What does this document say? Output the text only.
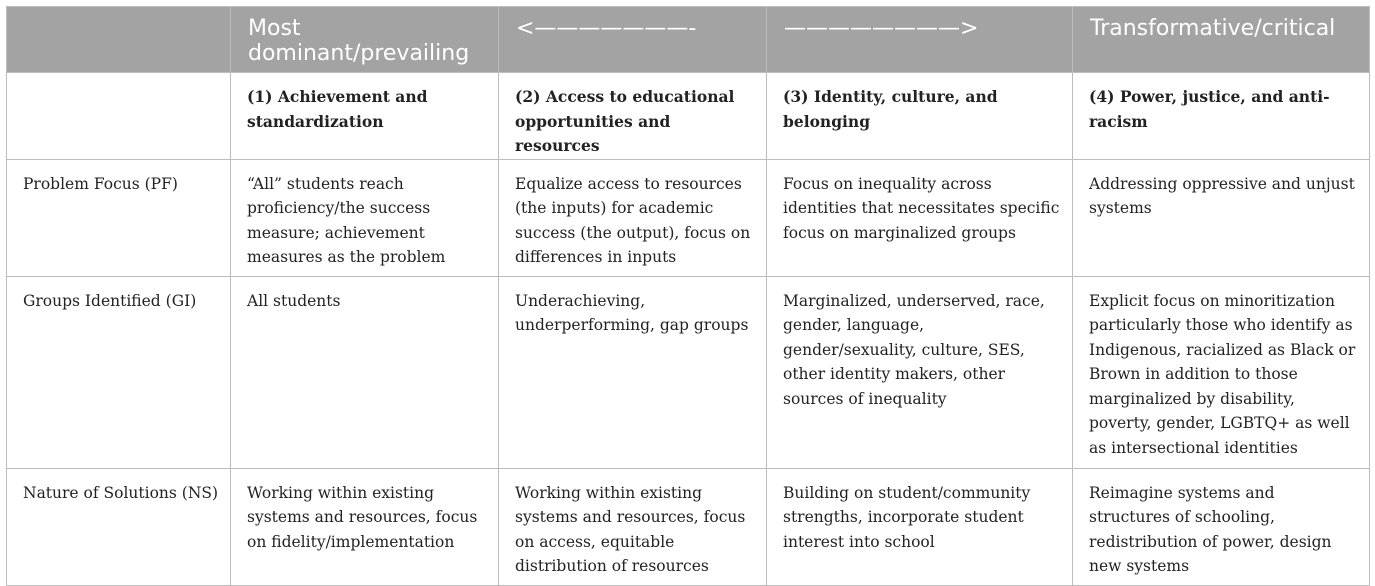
	Most dominant/prevailing	<———————-	————————>	Transformative/critical
	(1) Achievement and standardization	(2) Access to educational opportunities and resources	(3) Identity, culture, and belonging	(4) Power, justice, and anti-racism
Problem Focus (PF)	“All” students reach proficiency/the success measure; achievement measures as the problem	Equalize access to resources (the inputs) for academic success (the output), focus on differences in inputs	Focus on inequality across identities that necessitates specific focus on marginalized groups	Addressing oppressive and unjust systems
Groups Identified (GI)	All students	Underachieving, underperforming, gap groups	Marginalized, underserved, race, gender, language, gender/sexuality, culture, SES, other identity makers, other sources of inequality	Explicit focus on minoritization particularly those who identify as Indigenous, racialized as Black or Brown in addition to those marginalized by disability, poverty, gender, LGBTQ+ as well as intersectional identities
Nature of Solutions (NS)	Working within existing systems and resources, focus on fidelity/implementation	Working within existing systems and resources, focus on access, equitable distribution of resources	Building on student/community strengths, incorporate student interest into school	Reimagine systems and structures of schooling, redistribution of power, design new systems
